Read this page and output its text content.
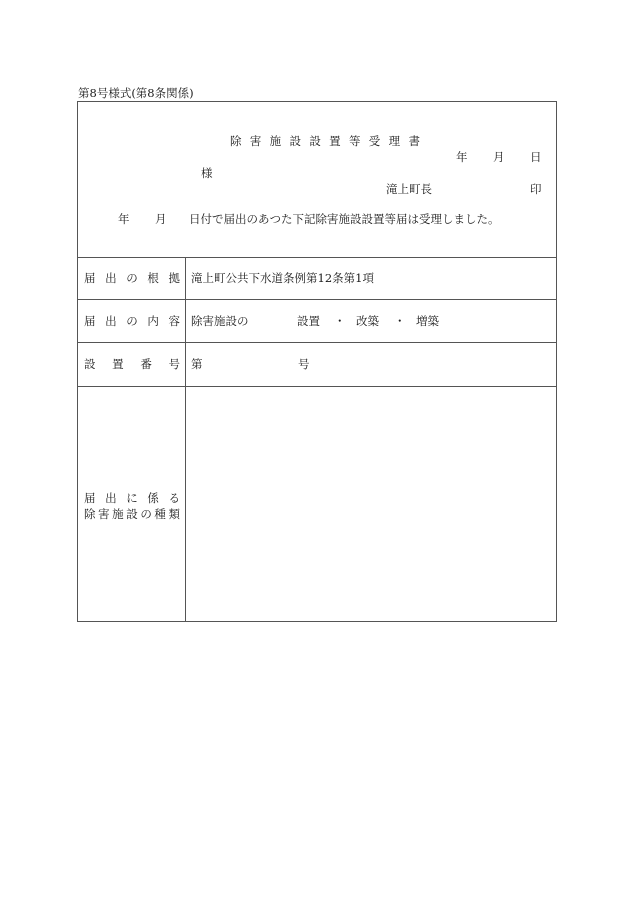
第8号様式(第8条関係)
除 害 施 設 設 置 等 受 理 書
年 月 日
様
滝上町長	印
年 月 日付で届出のあつた下記除害施設設置等届は受理しました。
届 出 の 根 拠 滝上町公共下水道条例第12条第1項
届 出 の 内 容 除害施設の	設置 ・ 改築 ・ 増築
設 置 番 号 第	号
届 出 に 係 る
除 害 施 設 の 種 類
